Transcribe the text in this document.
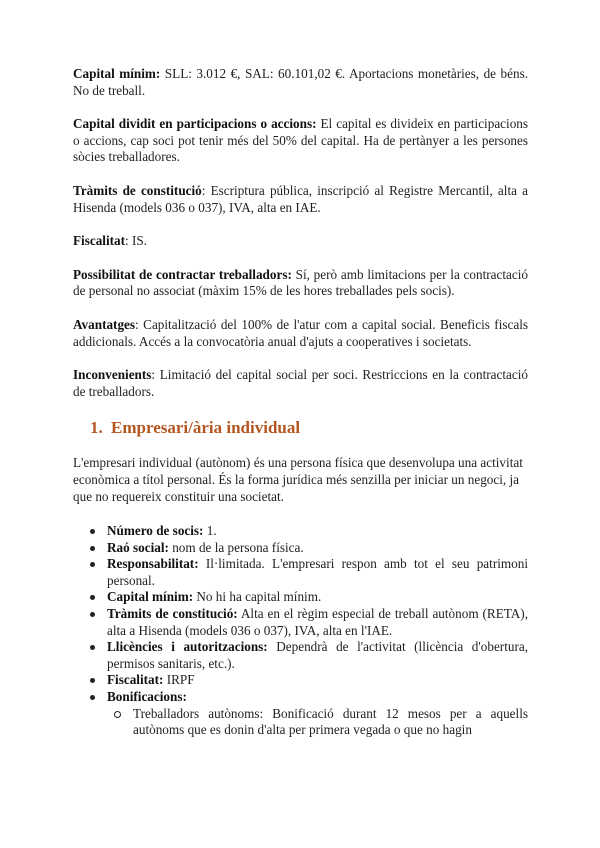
Capital mínim: SLL: 3.012 €, SAL: 60.101,02 €. Aportacions monetàries, de béns. No de treball.

Capital dividit en participacions o accions: El capital es divideix en participacions o accions, cap soci pot tenir més del 50% del capital. Ha de pertànyer a les persones sòcies treballadores.

Tràmits de constitució: Escriptura pública, inscripció al Registre Mercantil, alta a Hisenda (models 036 o 037), IVA, alta en IAE.

Fiscalitat: IS.

Possibilitat de contractar treballadors: Sí, però amb limitacions per la contractació de personal no associat (màxim 15% de les hores treballades pels socis).

Avantatges: Capitalització del 100% de l'atur com a capital social. Beneficis fiscals addicionals. Accés a la convocatòria anual d'ajuts a cooperatives i societats.

Inconvenients: Limitació del capital social per soci. Restriccions en la contractació de treballadors.

1. Empresari/ària individual

L'empresari individual (autònom) és una persona física que desenvolupa una activitat econòmica a títol personal. És la forma jurídica més senzilla per iniciar un negoci, ja que no requereix constituir una societat.

Número de socis: 1.
Raó social: nom de la persona física.
Responsabilitat: Il·limitada. L'empresari respon amb tot el seu patrimoni personal.
Capital mínim: No hi ha capital mínim.
Tràmits de constitució: Alta en el règim especial de treball autònom (RETA), alta a Hisenda (models 036 o 037), IVA, alta en l'IAE.
Llicències i autoritzacions: Dependrà de l'activitat (llicència d'obertura, permisos sanitaris, etc.).
Fiscalitat: IRPF
Bonificacions:
Treballadors autònoms: Bonificació durant 12 mesos per a aquells autònoms que es donin d'alta per primera vegada o que no hagin
